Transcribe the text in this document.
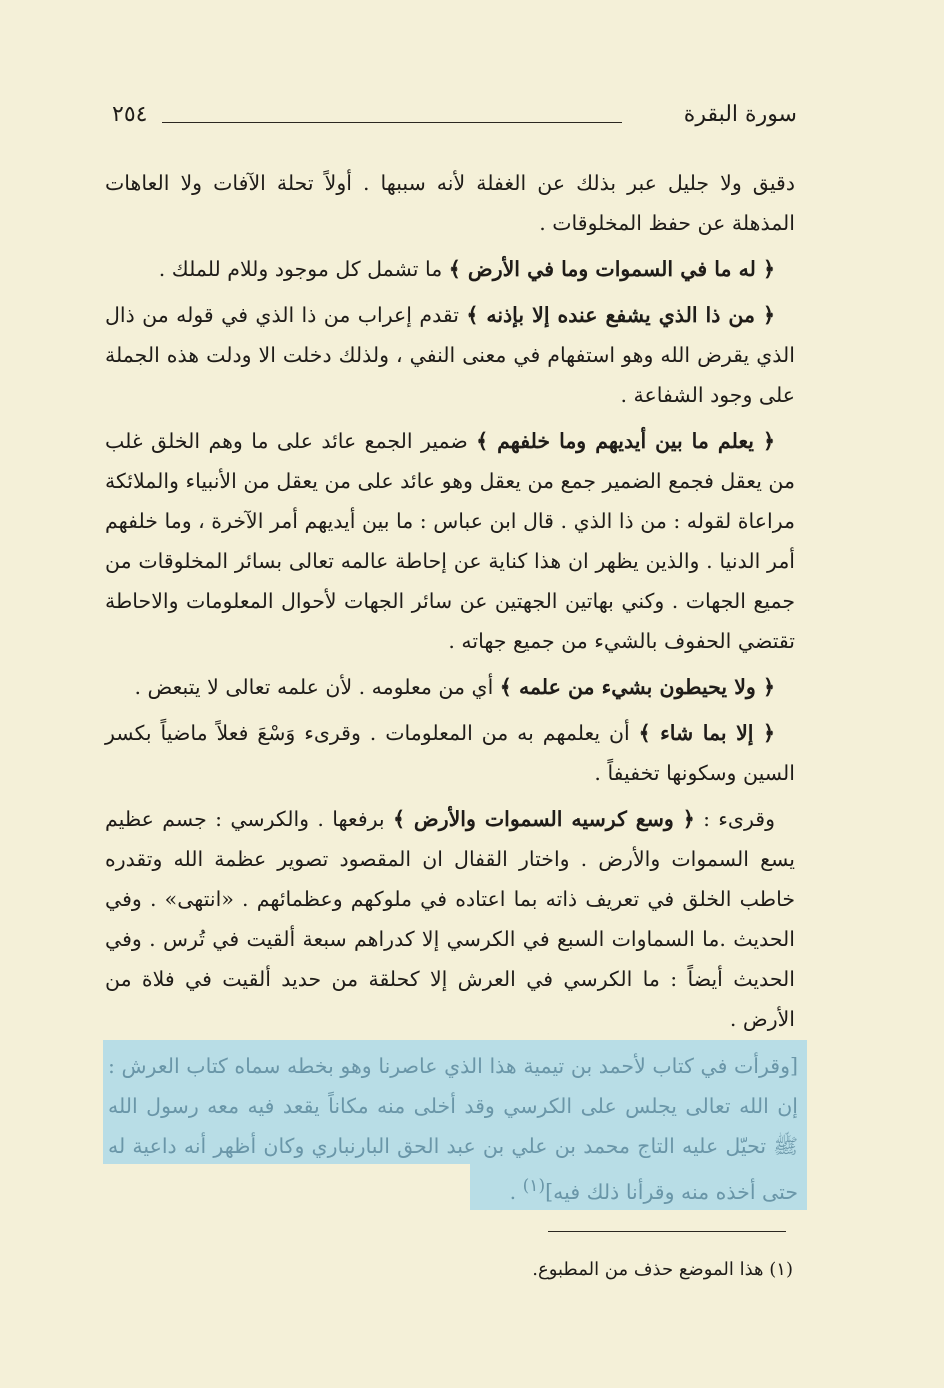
سورة البقرة
٢٥٤

دقيق ولا جليل عبر بذلك عن الغفلة لأنه سببها . أولاً تحلة الآفات ولا العاهات المذهلة عن حفظ المخلوقات .

﴿ له ما في السموات وما في الأرض ﴾ ما تشمل كل موجود وللام للملك .

﴿ من ذا الذي يشفع عنده إلا بإذنه ﴾ تقدم إعراب من ذا الذي في قوله من ذال الذي يقرض الله وهو استفهام في معنى النفي ، ولذلك دخلت الا ودلت هذه الجملة على وجود الشفاعة .

﴿ يعلم ما بين أيديهم وما خلفهم ﴾ ضمير الجمع عائد على ما وهم الخلق غلب من يعقل فجمع الضمير جمع من يعقل وهو عائد على من يعقل من الأنبياء والملائكة مراعاة لقوله : من ذا الذي . قال ابن عباس : ما بين أيديهم أمر الآخرة ، وما خلفهم أمر الدنيا . والذين يظهر ان هذا كناية عن إحاطة عالمه تعالى بسائر المخلوقات من جميع الجهات . وكني بهاتين الجهتين عن سائر الجهات لأحوال المعلومات والاحاطة تقتضي الحفوف بالشيء من جميع جهاته .

﴿ ولا يحيطون بشيء من علمه ﴾ أي من معلومه . لأن علمه تعالى لا يتبعض .

﴿ إلا بما شاء ﴾ أن يعلمهم به من المعلومات . وقرىء وَسْعَ فعلاً ماضياً بكسر السين وسكونها تخفيفاً .

وقرىء : ﴿ وسع كرسيه السموات والأرض ﴾ برفعها . والكرسي : جسم عظيم يسع السموات والأرض . واختار القفال ان المقصود تصوير عظمة الله وتقدره خاطب الخلق في تعريف ذاته بما اعتاده في ملوكهم وعظمائهم . «انتهى» . وفي الحديث .ما السماوات السبع في الكرسي إلا كدراهم سبعة ألقيت في تُرس . وفي الحديث أيضاً : ما الكرسي في العرش إلا كحلقة من حديد ألقيت في فلاة من الأرض .

[وقرأت في كتاب لأحمد بن تيمية هذا الذي عاصرنا وهو بخطه سماه كتاب العرش : إن الله تعالى يجلس على الكرسي وقد أخلى منه مكاناً يقعد فيه معه رسول الله ﷺ تحيّل عليه التاج محمد بن علي بن عبد الحق البارنباري وكان أظهر أنه داعية له حتى أخذه منه وقرأنا ذلك فيه]$^{(١)}$ .
(١) هذا الموضع حذف من المطبوع.
